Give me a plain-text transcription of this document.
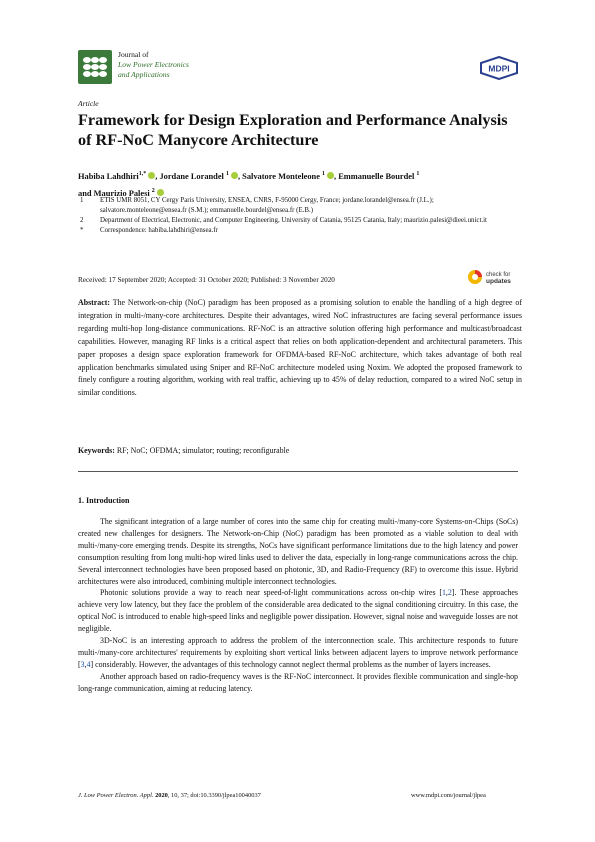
Journal of
Low Power Electronics
and Applications
MDPI
Article
Framework for Design Exploration and Performance Analysis of RF-NoC Manycore Architecture
Habiba Lahdhiri$^{1,*}$ , Jordane Lorandel $^1$ , Salvatore Monteleone $^1$ , Emmanuelle Bourdel $^1$
and Maurizio Palesi $^2$
1	ETIS UMR 8051, CY Cergy Paris University, ENSEA, CNRS, F-95000 Cergy, France; jordane.lorandel@ensea.fr (J.L.); salvatore.monteleone@ensea.fr (S.M.); emmanuelle.bourdel@ensea.fr (E.B.)
2	Department of Electrical, Electronic, and Computer Engineering, University of Catania, 95125 Catania, Italy; maurizio.palesi@dieei.unict.it
*	Correspondence: habiba.lahdhiri@ensea.fr
Received: 17 September 2020; Accepted: 31 October 2020; Published: 3 November 2020
check for
updates
Abstract: The Network-on-chip (NoC) paradigm has been proposed as a promising solution to enable the handling of a high degree of integration in multi-/many-core architectures. Despite their advantages, wired NoC infrastructures are facing several performance issues regarding multi-hop long-distance communications. RF-NoC is an attractive solution offering high performance and multicast/broadcast capabilities. However, managing RF links is a critical aspect that relies on both application-dependent and architectural parameters. This paper proposes a design space exploration framework for OFDMA-based RF-NoC architecture, which takes advantage of both real application benchmarks simulated using Sniper and RF-NoC architecture modeled using Noxim. We adopted the proposed framework to finely configure a routing algorithm, working with real traffic, achieving up to 45% of delay reduction, compared to a wired NoC setup in similar conditions.
Keywords: RF; NoC; OFDMA; simulator; routing; reconfigurable
1. Introduction

The significant integration of a large number of cores into the same chip for creating multi-/many-core Systems-on-Chips (SoCs) created new challenges for designers. The Network-on-Chip (NoC) paradigm has been promoted as a viable solution to deal with multi-/many-core emerging trends. Despite its strengths, NoCs have significant performance limitations due to the high latency and power consumption resulting from long multi-hop wired links used to deliver the data, especially in long-range communications across the chip. Several interconnect technologies have been proposed based on photonic, 3D, and Radio-Frequency (RF) to overcome this issue. Hybrid architectures were also introduced, combining multiple interconnect technologies.

Photonic solutions provide a way to reach near speed-of-light communications across on-chip wires [1,2]. These approaches achieve very low latency, but they face the problem of the considerable area dedicated to the signal conditioning circuitry. In this case, the optical NoC is introduced to enable high-speed links and negligible power dissipation. However, signal noise and waveguide losses are not negligible.

3D-NoC is an interesting approach to address the problem of the interconnection scale. This architecture responds to future multi-/many-core architectures' requirements by exploiting short vertical links between adjacent layers to improve network performance [3,4] considerably. However, the advantages of this technology cannot neglect thermal problems as the number of layers increases.

Another approach based on radio-frequency waves is the RF-NoC interconnect. It provides flexible communication and single-hop long-range communication, aiming at reducing latency.

J. Low Power Electron. Appl. 2020, 10, 37; doi:10.3390/jlpea10040037	www.mdpi.com/journal/jlpea
